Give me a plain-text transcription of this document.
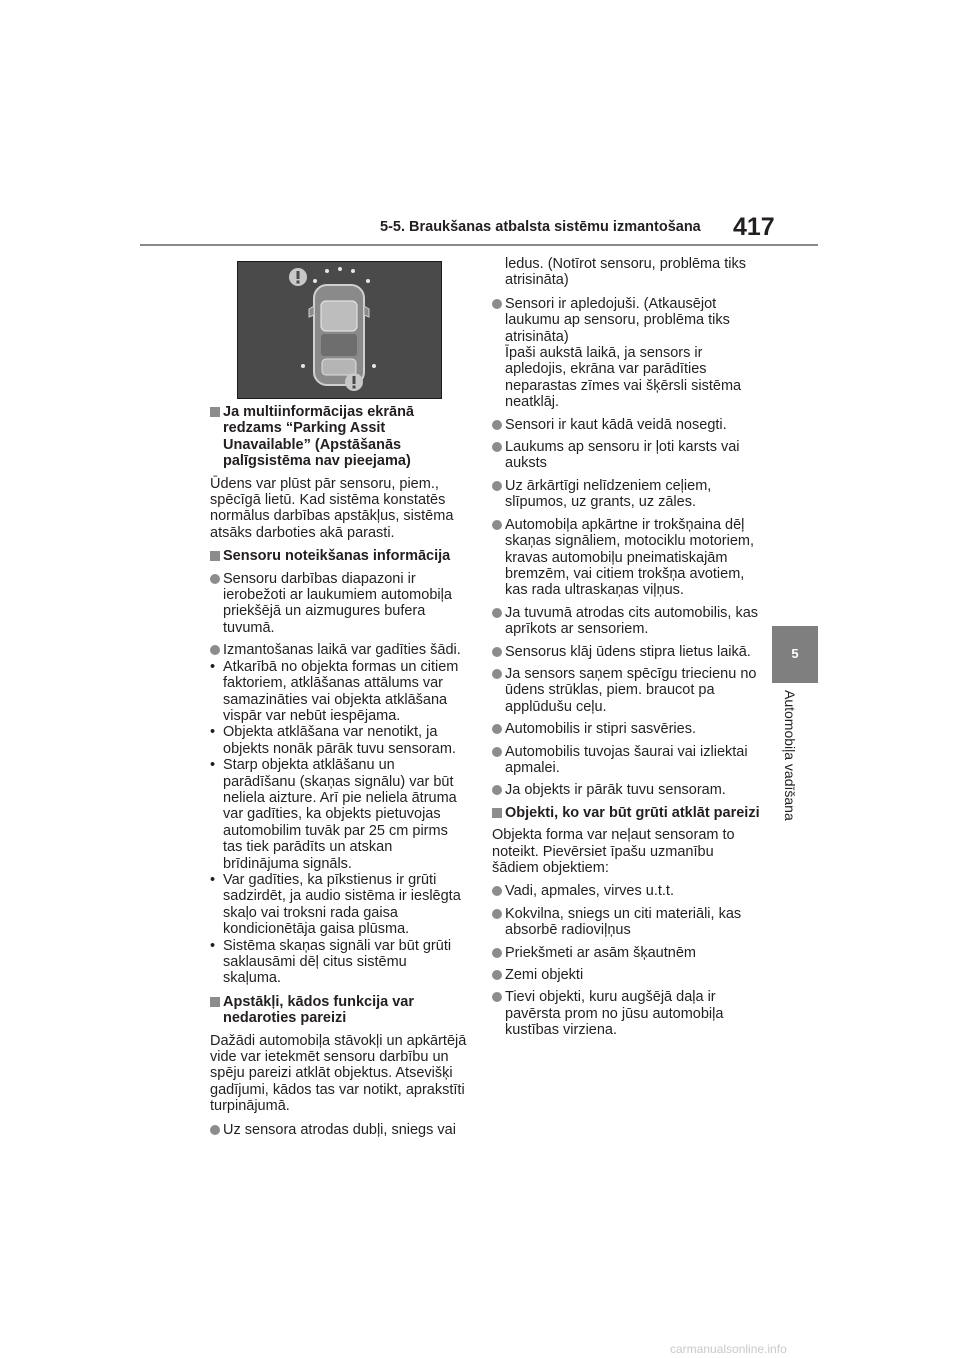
5-5. Braukšanas atbalsta sistēmu izmantošana 417
5
Automobiļa vadīšana
Ja multiinformācijas ekrānā redzams “Parking Assit Unavailable” (Apstāšanās palīgsistēma nav pieejama)

Ūdens var plūst pār sensoru, piem., spēcīgā lietū. Kad sistēma konstatēs normālus darbības apstākļus, sistēma atsāks darboties akā parasti.

Sensoru noteikšanas informācija
Sensoru darbības diapazoni ir ierobežoti ar laukumiem automobiļa priekšējā un aizmugures bufera tuvumā.
Izmantošanas laikā var gadīties šādi.
• Atkarībā no objekta formas un citiem faktoriem, atklāšanas attālums var samazināties vai objekta atklāšana vispār var nebūt iespējama.
• Objekta atklāšana var nenotikt, ja objekts nonāk pārāk tuvu sensoram.
• Starp objekta atklāšanu un parādīšanu (skaņas signālu) var būt neliela aizture. Arī pie neliela ātruma var gadīties, ka objekts pietuvojas automobilim tuvāk par 25 cm pirms tas tiek parādīts un atskan brīdinājuma signāls.
• Var gadīties, ka pīkstienus ir grūti sadzirdēt, ja audio sistēma ir ieslēgta skaļo vai troksni rada gaisa kondicionētāja gaisa plūsma.
• Sistēma skaņas signāli var būt grūti saklausāmi dēļ citus sistēmu skaļuma.
Apstākļi, kādos funkcija var nedaroties pareizi

Dažādi automobiļa stāvokļi un apkārtējā vide var ietekmēt sensoru darbību un spēju pareizi atklāt objektus. Atsevišķi gadījumi, kādos tas var notikt, aprakstīti turpinājumā.

Uz sensora atrodas dubļi, sniegs vai

ledus. (Notīrot sensoru, problēma tiks atrisināta)

Sensori ir apledojuši. (Atkausējot laukumu ap sensoru, problēma tiks atrisināta)
Īpaši aukstā laikā, ja sensors ir apledojis, ekrāna var parādīties neparastas zīmes vai šķērsli sistēma neatklāj.
Sensori ir kaut kādā veidā nosegti.
Laukums ap sensoru ir ļoti karsts vai auksts
Uz ārkārtīgi nelīdzeniem ceļiem, slīpumos, uz grants, uz zāles.
Automobiļa apkārtne ir trokšņaina dēļ skaņas signāliem, motociklu motoriem, kravas automobiļu pneimatiskajām bremzēm, vai citiem trokšņa avotiem, kas rada ultraskaņas viļņus.
Ja tuvumā atrodas cits automobilis, kas aprīkots ar sensoriem.
Sensorus klāj ūdens stipra lietus laikā.
Ja sensors saņem spēcīgu triecienu no ūdens strūklas, piem. braucot pa applūdušu ceļu.
Automobilis ir stipri sasvēries.
Automobilis tuvojas šaurai vai izliektai apmalei.
Ja objekts ir pārāk tuvu sensoram.
Objekti, ko var būt grūti atklāt pareizi

Objekta forma var neļaut sensoram to noteikt. Pievērsiet īpašu uzmanību šādiem objektiem:

Vadi, apmales, virves u.t.t.
Kokvilna, sniegs un citi materiāli, kas absorbē radioviļņus
Priekšmeti ar asām šķautnēm
Zemi objekti
Tievi objekti, kuru augšējā daļa ir pavērsta prom no jūsu automobiļa kustības virziena.
carmanualsonline.info
